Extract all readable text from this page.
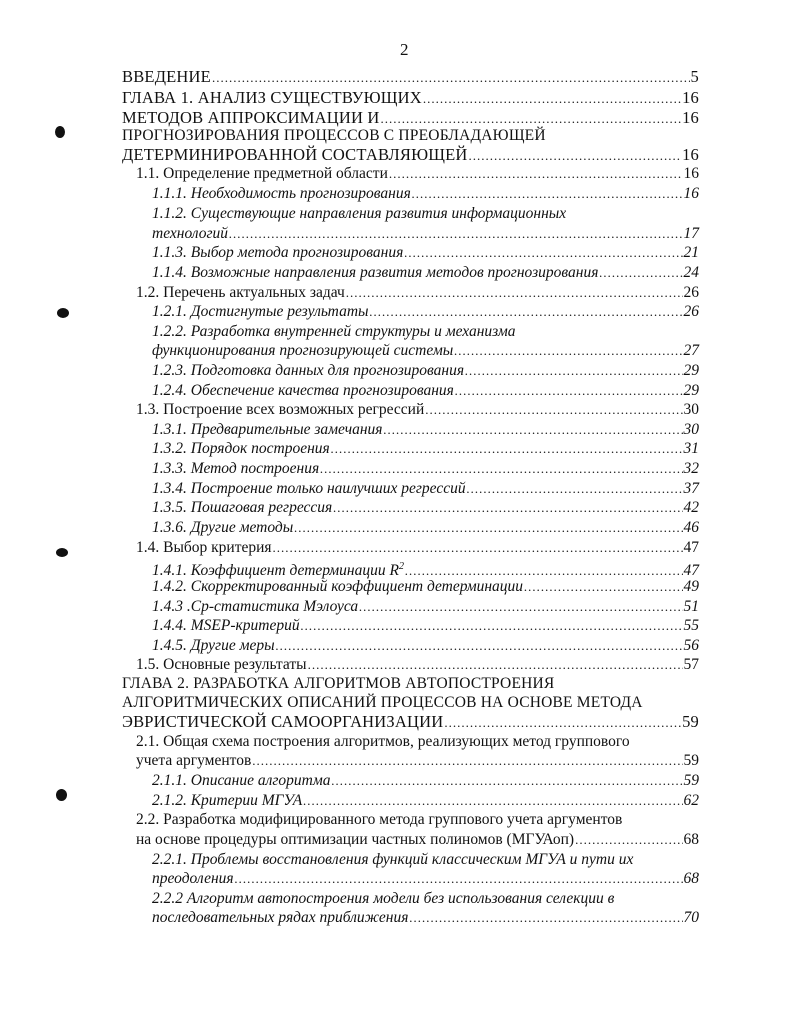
2
ВВЕДЕНИЕ .....	5
ГЛАВА 1. АНАЛИЗ СУЩЕСТВУЮЩИХ .....	16
МЕТОДОВ АППРОКСИМАЦИИ И .....	16
ПРОГНОЗИРОВАНИЯ ПРОЦЕССОВ С ПРЕОБЛАДАЮЩЕЙ
ДЕТЕРМИНИРОВАННОЙ СОСТАВЛЯЮЩЕЙ .....	16
1.1. Определение предметной области .....	16
1.1.1. Необходимость прогнозирования .....	16
1.1.2. Существующие направления развития информационных
технологий .....	17
1.1.3. Выбор метода прогнозирования .....	21
1.1.4. Возможные направления развития методов прогнозирования .....	24
1.2. Перечень актуальных задач .....	26
1.2.1. Достигнутые результаты .....	26
1.2.2. Разработка внутренней структуры и механизма
функционирования прогнозирующей системы .....	27
1.2.3. Подготовка данных для прогнозирования .....	29
1.2.4. Обеспечение качества прогнозирования .....	29
1.3. Построение всех возможных регрессий .....	30
1.3.1. Предварительные замечания .....	30
1.3.2. Порядок построения .....	31
1.3.3. Метод построения .....	32
1.3.4. Построение только наилучших регрессий .....	37
1.3.5. Пошаговая регрессия .....	42
1.3.6. Другие методы .....	46
1.4. Выбор критерия .....	47
1.4.1. Коэффициент детерминации $R^2$ .....	47
1.4.2. Скорректированный коэффициент детерминации .....	49
1.4.3 .Ср-статистика Мэлоуса .....	51
1.4.4. MSEP-критерий .....	55
1.4.5. Другие меры .....	56
1.5. Основные результаты .....	57
ГЛАВА 2. РАЗРАБОТКА АЛГОРИТМОВ АВТОПОСТРОЕНИЯ
АЛГОРИТМИЧЕСКИХ ОПИСАНИЙ ПРОЦЕССОВ НА ОСНОВЕ МЕТОДА
ЭВРИСТИЧЕСКОЙ САМООРГАНИЗАЦИИ .....	59
2.1. Общая схема построения алгоритмов, реализующих метод группового
учета аргументов .....	59
2.1.1. Описание алгоритма .....	59
2.1.2. Критерии МГУА .....	62
2.2. Разработка модифицированного метода группового учета аргументов
на основе процедуры оптимизации частных полиномов (МГУАоп) .....	68
2.2.1. Проблемы восстановления функций классическим МГУА и пути их
преодоления .....	68
2.2.2 Алгоритм автопостроения модели без использования селекции в
последовательных рядах приближения .....	70
